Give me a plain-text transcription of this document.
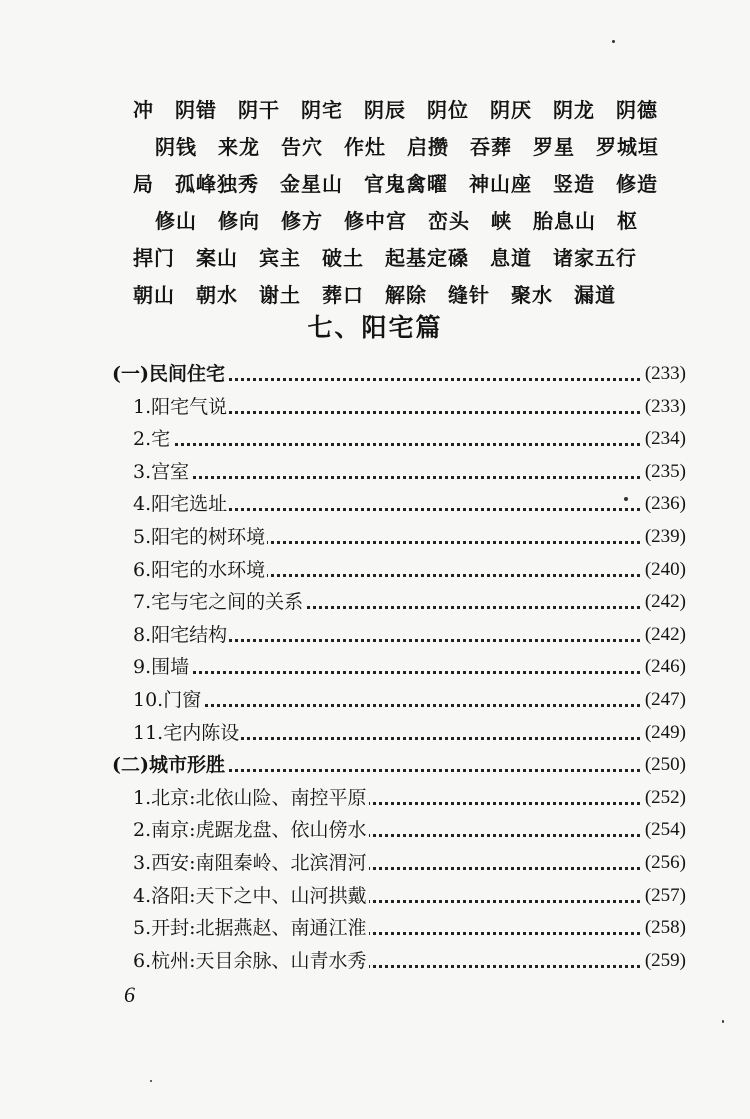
冲 阴错 阴干 阴宅 阴辰 阴位 阴厌 阴龙 阴德
阴钱 来龙 告穴 作灶 启攒 吞葬 罗星 罗城垣
局 孤峰独秀 金星山 官鬼禽曜 神山座 竖造 修造
修山 修向 修方 修中宫 峦头 峡 胎息山 枢
捍门 案山 宾主 破土 起基定磉 息道 诸家五行
朝山 朝水 谢土 葬口 解除 缝针 聚水 漏道
七、阳宅篇
(一)民间住宅	(233)
1.阳宅气说	(233)
2.宅	(234)
3.宫室	(235)
4.阳宅选址	(236)
5.阳宅的树环境	(239)
6.阳宅的水环境	(240)
7.宅与宅之间的关系	(242)
8.阳宅结构	(242)
9.围墙	(246)
10.门窗	(247)
11.宅内陈设	(249)
(二)城市形胜	(250)
1.北京:北依山险、南控平原	(252)
2.南京:虎踞龙盘、依山傍水	(254)
3.西安:南阻秦岭、北滨渭河	(256)
4.洛阳:天下之中、山河拱戴	(257)
5.开封:北据燕赵、南通江淮	(258)
6.杭州:天目余脉、山青水秀	(259)
6
